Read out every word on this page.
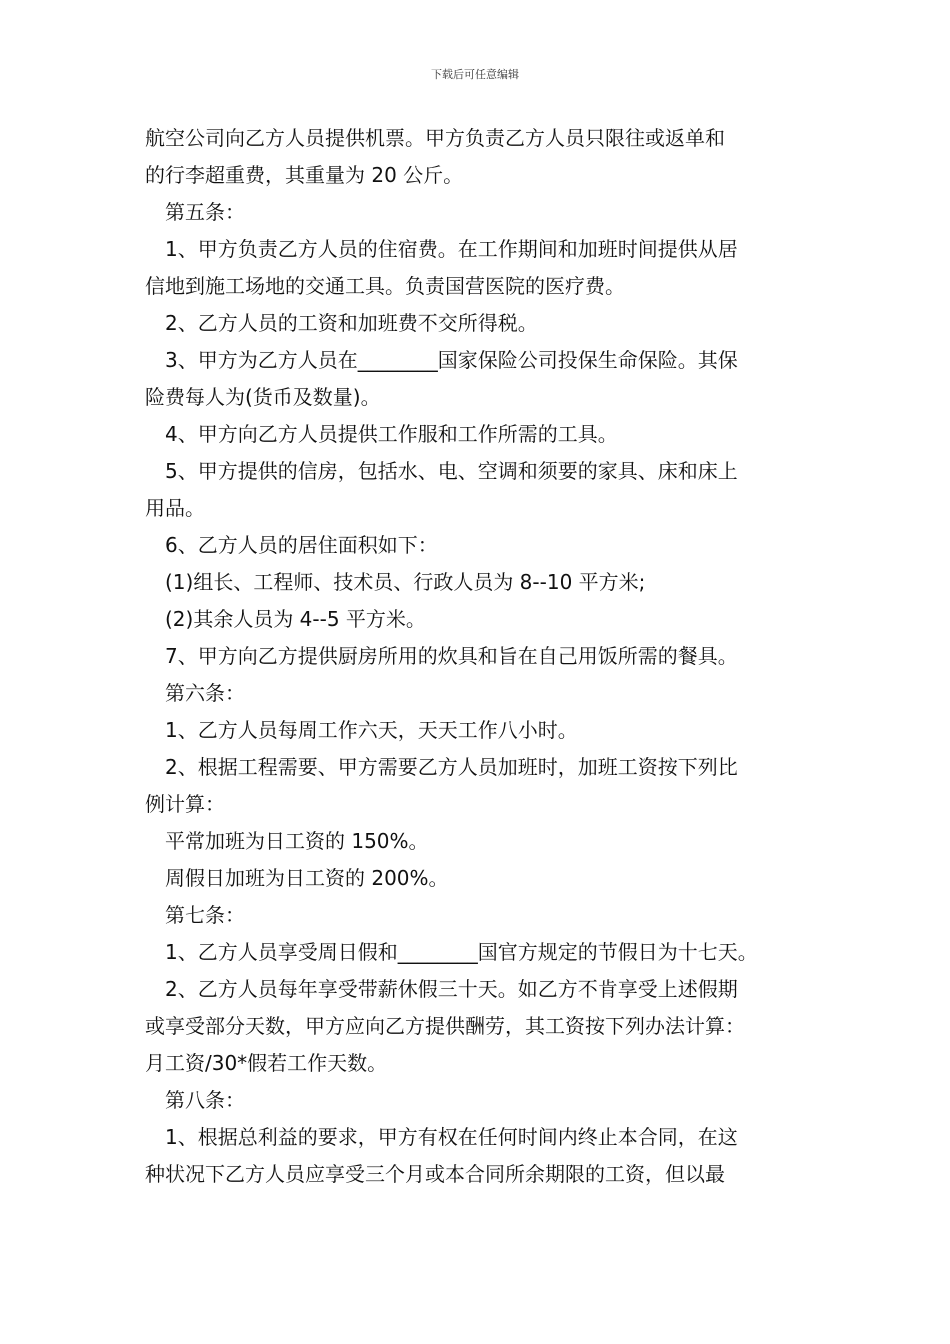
下载后可任意编辑
航空公司向乙方人员提供机票。甲方负责乙方人员只限往或返单和
的行李超重费，其重量为 20 公斤。
第五条：
1、甲方负责乙方人员的住宿费。在工作期间和加班时间提供从居
信地到施工场地的交通工具。负责国营医院的医疗费。
2、乙方人员的工资和加班费不交所得税。
3、甲方为乙方人员在________国家保险公司投保生命保险。其保
险费每人为(货币及数量)。
4、甲方向乙方人员提供工作服和工作所需的工具。
5、甲方提供的信房，包括水、电、空调和须要的家具、床和床上
用品。
6、乙方人员的居住面积如下：
(1)组长、工程师、技术员、行政人员为 8--10 平方米;
(2)其余人员为 4--5 平方米。
7、甲方向乙方提供厨房所用的炊具和旨在自己用饭所需的餐具。
第六条：
1、乙方人员每周工作六天，天天工作八小时。
2、根据工程需要、甲方需要乙方人员加班时，加班工资按下列比
例计算：
平常加班为日工资的 150%。
周假日加班为日工资的 200%。
第七条：
1、乙方人员享受周日假和________国官方规定的节假日为十七天。
2、乙方人员每年享受带薪休假三十天。如乙方不肯享受上述假期
或享受部分天数，甲方应向乙方提供酬劳，其工资按下列办法计算：
月工资/30*假若工作天数。
第八条：
1、根据总利益的要求，甲方有权在任何时间内终止本合同，在这
种状况下乙方人员应享受三个月或本合同所余期限的工资，但以最
